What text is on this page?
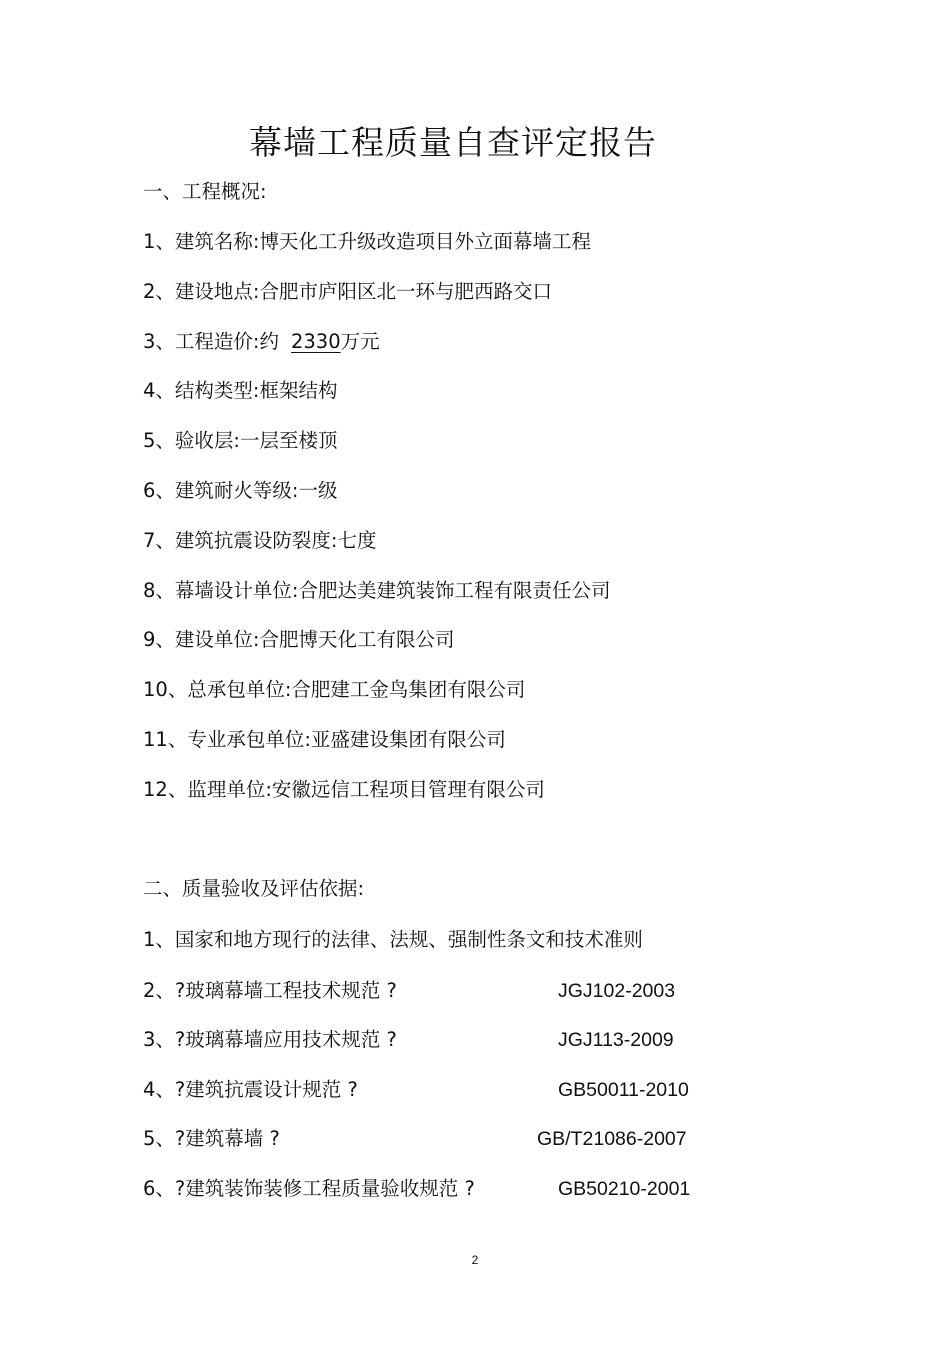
幕墙工程质量自查评定报告
一、工程概况:
1、建筑名称:博天化工升级改造项目外立面幕墙工程
2、建设地点:合肥市庐阳区北一环与肥西路交口
3、工程造价:约 2330万元
4、结构类型:框架结构
5、验收层:一层至楼顶
6、建筑耐火等级:一级
7、建筑抗震设防裂度:七度
8、幕墙设计单位:合肥达美建筑装饰工程有限责任公司
9、建设单位:合肥博天化工有限公司
10、总承包单位:合肥建工金鸟集团有限公司
11、专业承包单位:亚盛建设集团有限公司
12、监理单位:安徽远信工程项目管理有限公司
二、质量验收及评估依据:
1、国家和地方现行的法律、法规、强制性条文和技术准则
2、?玻璃幕墙工程技术规范 ?	JGJ102-2003
3、?玻璃幕墙应用技术规范 ?	JGJ113-2009
4、?建筑抗震设计规范 ?	GB50011-2010
5、?建筑幕墙 ?	GB/T21086-2007
6、?建筑装饰装修工程质量验收规范 ?	GB50210-2001
2
